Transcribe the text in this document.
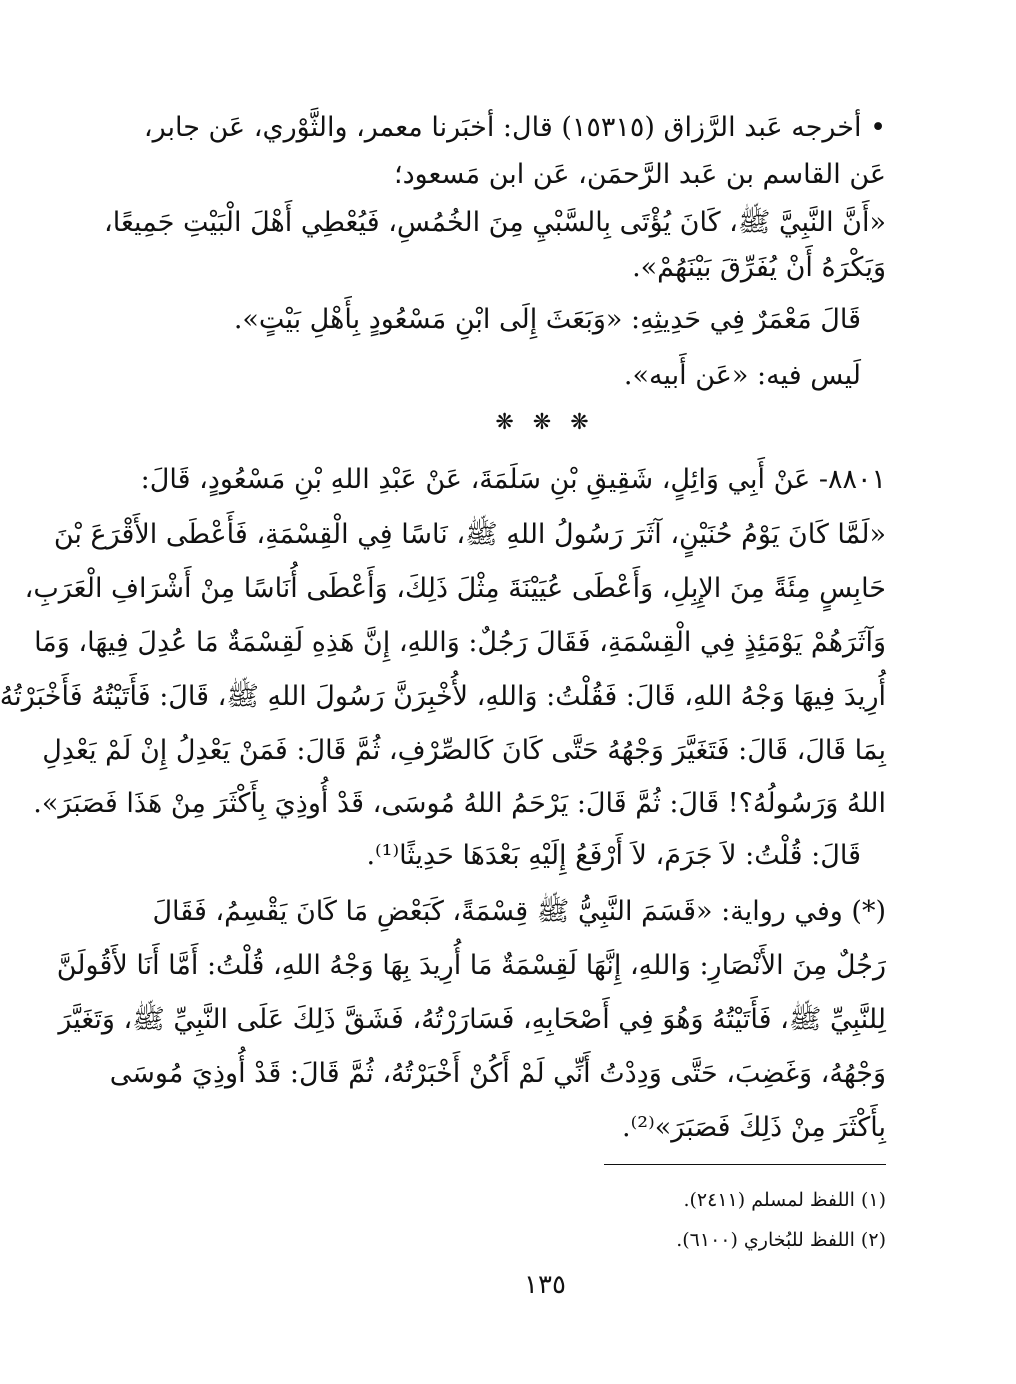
• أخرجه عَبد الرَّزاق (١٥٣١٥) قال: أخبَرنا معمر، والثَّوْري، عَن جابر،
عَن القاسم بن عَبد الرَّحمَن، عَن ابن مَسعود؛
«أَنَّ النَّبِيَّ ﷺ، كَانَ يُؤْتَى بِالسَّبْيِ مِنَ الخُمُسِ، فَيُعْطِي أَهْلَ الْبَيْتِ جَمِيعًا،
وَيَكْرَهُ أَنْ يُفَرِّقَ بَيْنَهُمْ».
قَالَ مَعْمَرٌ فِي حَدِيثِهِ: «وَبَعَثَ إِلَى ابْنِ مَسْعُودٍ بِأَهْلِ بَيْتٍ».
لَيس فيه: «عَن أَبيه».
❋ ❋ ❋
٨٨٠١- عَنْ أَبِي وَائِلٍ، شَقِيقِ بْنِ سَلَمَةَ، عَنْ عَبْدِ اللهِ بْنِ مَسْعُودٍ، قَالَ:
«لَمَّا كَانَ يَوْمُ حُنَيْنٍ، آثَرَ رَسُولُ اللهِ ﷺ، نَاسًا فِي الْقِسْمَةِ، فَأَعْطَى الأَقْرَعَ بْنَ
حَابِسٍ مِئَةً مِنَ الإِبِلِ، وَأَعْطَى عُيَيْنَةَ مِثْلَ ذَلِكَ، وَأَعْطَى أُنَاسًا مِنْ أَشْرَافِ الْعَرَبِ،
وَآثَرَهُمْ يَوْمَئِذٍ فِي الْقِسْمَةِ، فَقَالَ رَجُلٌ: وَاللهِ، إِنَّ هَذِهِ لَقِسْمَةٌ مَا عُدِلَ فِيهَا، وَمَا
أُرِيدَ فِيهَا وَجْهُ اللهِ، قَالَ: فَقُلْتُ: وَاللهِ، لأُخْبِرَنَّ رَسُولَ اللهِ ﷺ، قَالَ: فَأَتَيْتُهُ فَأَخْبَرْتُهُ
بِمَا قَالَ، قَالَ: فَتَغَيَّرَ وَجْهُهُ حَتَّى كَانَ كَالصِّرْفِ، ثُمَّ قَالَ: فَمَنْ يَعْدِلُ إِنْ لَمْ يَعْدِلِ
اللهُ وَرَسُولُهُ؟! قَالَ: ثُمَّ قَالَ: يَرْحَمُ اللهُ مُوسَى، قَدْ أُوذِيَ بِأَكْثَرَ مِنْ هَذَا فَصَبَرَ».
قَالَ: قُلْتُ: لاَ جَرَمَ، لاَ أَرْفَعُ إِلَيْهِ بَعْدَهَا حَدِيثًا⁽¹⁾.
(*) وفي رواية: «قَسَمَ النَّبِيُّ ﷺ قِسْمَةً، كَبَعْضِ مَا كَانَ يَقْسِمُ، فَقَالَ
رَجُلٌ مِنَ الأَنْصَارِ: وَاللهِ، إِنَّهَا لَقِسْمَةٌ مَا أُرِيدَ بِهَا وَجْهُ اللهِ، قُلْتُ: أَمَّا أَنَا لأَقُولَنَّ
لِلنَّبِيِّ ﷺ، فَأَتَيْتُهُ وَهُوَ فِي أَصْحَابِهِ، فَسَارَرْتُهُ، فَشَقَّ ذَلِكَ عَلَى النَّبِيِّ ﷺ، وَتَغَيَّرَ
وَجْهُهُ، وَغَضِبَ، حَتَّى وَدِدْتُ أَنِّي لَمْ أَكُنْ أَخْبَرْتُهُ، ثُمَّ قَالَ: قَدْ أُوذِيَ مُوسَى
بِأَكْثَرَ مِنْ ذَلِكَ فَصَبَرَ»⁽²⁾.
(١) اللفظ لمسلم (٢٤١١).
(٢) اللفظ للبُخاري (٦١٠٠).
١٣٥
